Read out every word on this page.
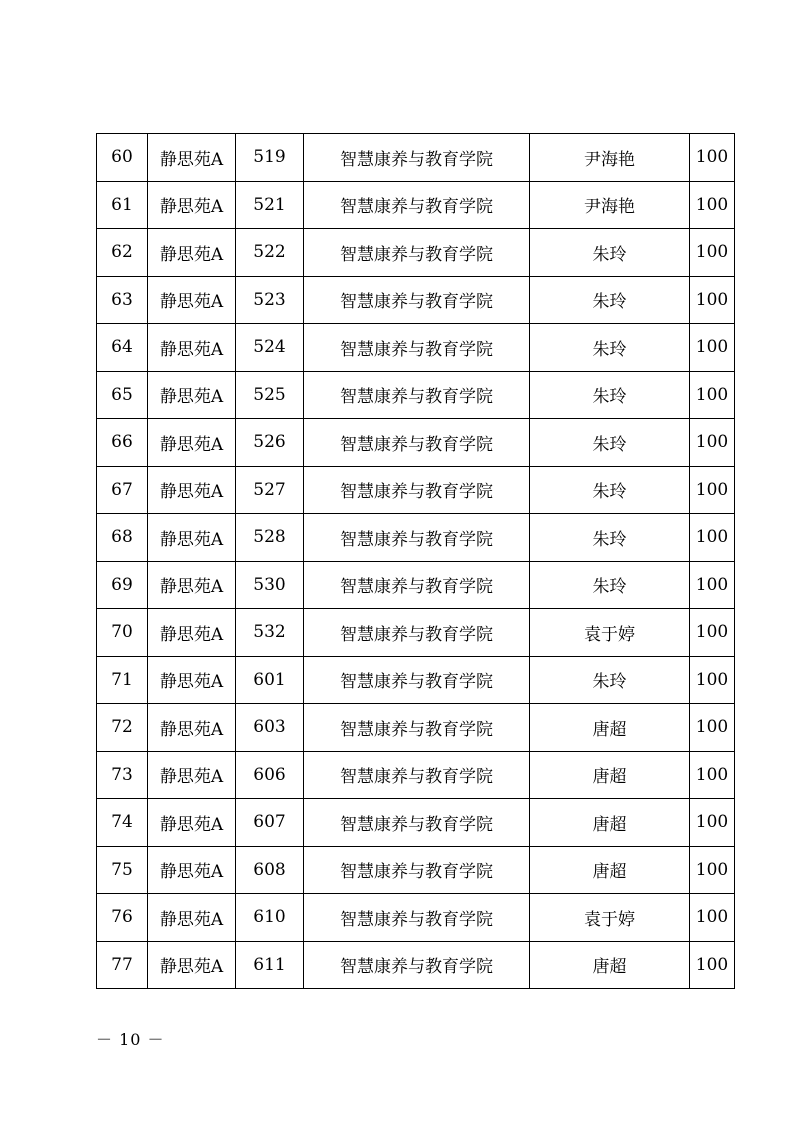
60	静思苑A	519	智慧康养与教育学院	尹海艳	100
61	静思苑A	521	智慧康养与教育学院	尹海艳	100
62	静思苑A	522	智慧康养与教育学院	朱玲	100
63	静思苑A	523	智慧康养与教育学院	朱玲	100
64	静思苑A	524	智慧康养与教育学院	朱玲	100
65	静思苑A	525	智慧康养与教育学院	朱玲	100
66	静思苑A	526	智慧康养与教育学院	朱玲	100
67	静思苑A	527	智慧康养与教育学院	朱玲	100
68	静思苑A	528	智慧康养与教育学院	朱玲	100
69	静思苑A	530	智慧康养与教育学院	朱玲	100
70	静思苑A	532	智慧康养与教育学院	袁于婷	100
71	静思苑A	601	智慧康养与教育学院	朱玲	100
72	静思苑A	603	智慧康养与教育学院	唐超	100
73	静思苑A	606	智慧康养与教育学院	唐超	100
74	静思苑A	607	智慧康养与教育学院	唐超	100
75	静思苑A	608	智慧康养与教育学院	唐超	100
76	静思苑A	610	智慧康养与教育学院	袁于婷	100
77	静思苑A	611	智慧康养与教育学院	唐超	100
－ 10 －
